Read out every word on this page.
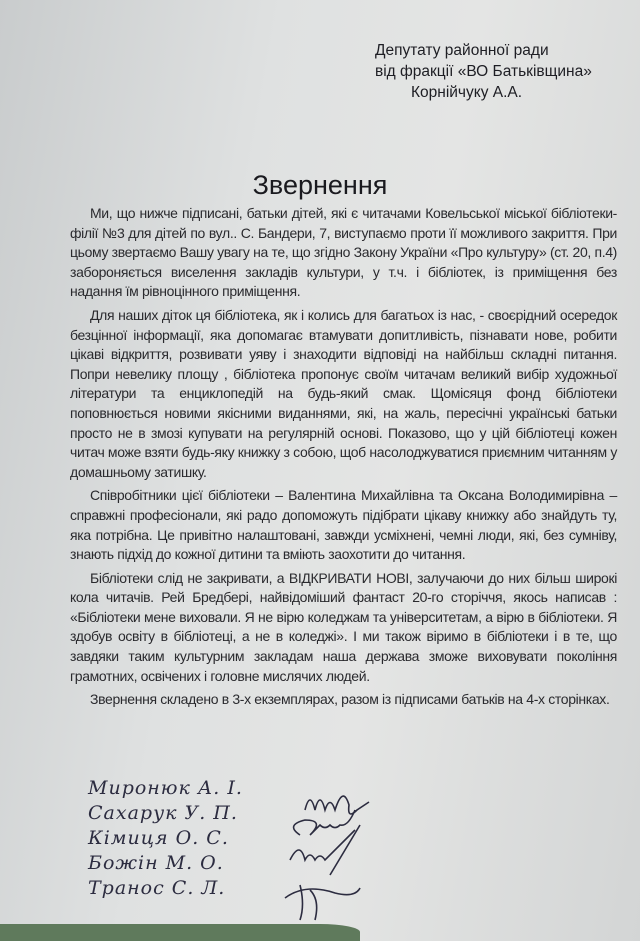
Депутату районної ради
від фракції «ВО Батьківщина»
Корнійчуку А.А.
Звернення

Ми, що нижче підписані, батьки дітей, які є читачами Ковельської міської бібліотеки-філії №3 для дітей по вул.. С. Бандери, 7, виступаємо проти її можливого закриття. При цьому звертаємо Вашу увагу на те, що згідно Закону України «Про культуру» (ст. 20, п.4) забороняється виселення закладів культури, у т.ч. і бібліотек, із приміщення без надання їм рівноцінного приміщення.

Для наших діток ця бібліотека, як і колись для багатьох із нас, - своєрідний осередок безцінної інформації, яка допомагає втамувати допитливість, пізнавати нове, робити цікаві відкриття, розвивати уяву і знаходити відповіді на найбільш складні питання. Попри невелику площу , бібліотека пропонує своїм читачам великий вибір художньої літератури та енциклопедій на будь-який смак. Щомісяця фонд бібліотеки поповнюється новими якісними виданнями, які, на жаль, пересічні українські батьки просто не в змозі купувати на регулярній основі. Показово, що у цій бібліотеці кожен читач може взяти будь-яку книжку з собою, щоб насолоджуватися приємним читанням у домашньому затишку.

Співробітники цієї бібліотеки – Валентина Михайлівна та Оксана Володимирівна – справжні професіонали, які радо допоможуть підібрати цікаву книжку або знайдуть ту, яка потрібна. Це привітно налаштовані, завжди усміхнені, чемні люди, які, без сумніву, знають підхід до кожної дитини та вміють заохотити до читання.

Бібліотеки слід не закривати, а ВІДКРИВАТИ НОВІ, залучаючи до них більш широкі кола читачів. Рей Бредбері, найвідоміший фантаст 20-го сторіччя, якось написав : «Бібліотеки мене виховали. Я не вірю коледжам та університетам, а вірю в бібліотеки. Я здобув освіту в бібліотеці, а не в коледжі». І ми також віримо в бібліотеки і в те, що завдяки таким культурним закладам наша держава зможе виховувати покоління грамотних, освічених і головне мислячих людей.

Звернення складено в 3-х екземплярах, разом із підписами батьків на 4-х сторінках.

Миронюк А. І.
Сахарук У. П.
Кімиця О. С.
Божін М. О.
Транос С. Л.
